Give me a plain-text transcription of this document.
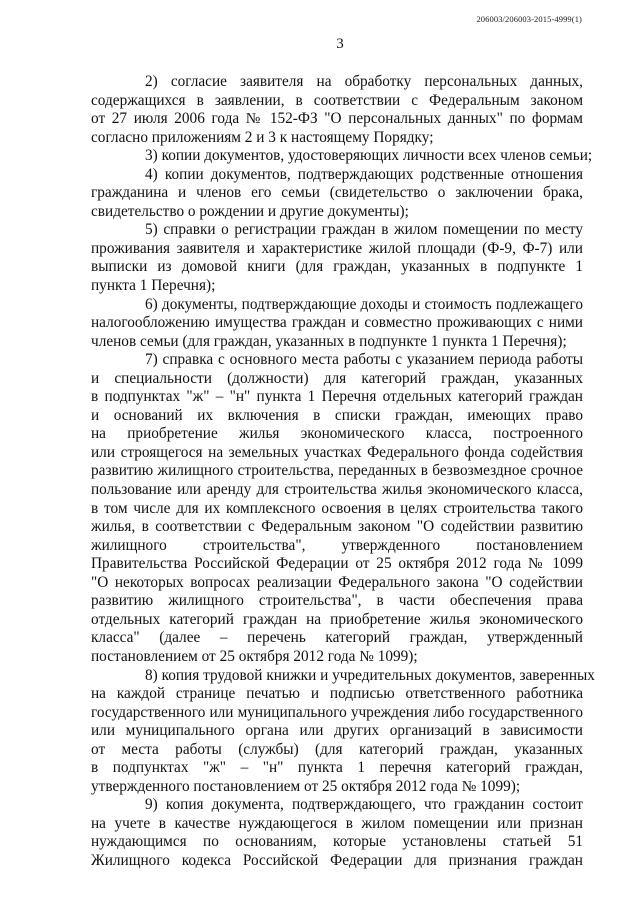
206003/206003-2015-4999(1)
3
2) согласие заявителя на обработку персональных данных,
содержащихся в заявлении, в соответствии с Федеральным законом
от 27 июля 2006 года № 152-ФЗ "О персональных данных" по формам
согласно приложениям 2 и 3 к настоящему Порядку;
3) копии документов, удостоверяющих личности всех членов семьи;
4) копии документов, подтверждающих родственные отношения
гражданина и членов его семьи (свидетельство о заключении брака,
свидетельство о рождении и другие документы);
5) справки о регистрации граждан в жилом помещении по месту
проживания заявителя и характеристике жилой площади (Ф-9, Ф-7) или
выписки из домовой книги (для граждан, указанных в подпункте 1
пункта 1 Перечня);
6) документы, подтверждающие доходы и стоимость подлежащего
налогообложению имущества граждан и совместно проживающих с ними
членов семьи (для граждан, указанных в подпункте 1 пункта 1 Перечня);
7) справка с основного места работы с указанием периода работы
и специальности (должности) для категорий граждан, указанных
в подпунктах "ж" – "н" пункта 1 Перечня отдельных категорий граждан
и оснований их включения в списки граждан, имеющих право
на приобретение жилья экономического класса, построенного
или строящегося на земельных участках Федерального фонда содействия
развитию жилищного строительства, переданных в безвозмездное срочное
пользование или аренду для строительства жилья экономического класса,
в том числе для их комплексного освоения в целях строительства такого
жилья, в соответствии с Федеральным законом "О содействии развитию
жилищного строительства", утвержденного постановлением
Правительства Российской Федерации от 25 октября 2012 года № 1099
"О некоторых вопросах реализации Федерального закона "О содействии
развитию жилищного строительства", в части обеспечения права
отдельных категорий граждан на приобретение жилья экономического
класса" (далее – перечень категорий граждан, утвержденный
постановлением от 25 октября 2012 года № 1099);
8) копия трудовой книжки и учредительных документов, заверенных
на каждой странице печатью и подписью ответственного работника
государственного или муниципального учреждения либо государственного
или муниципального органа или других организаций в зависимости
от места работы (службы) (для категорий граждан, указанных
в подпунктах "ж" – "н" пункта 1 перечня категорий граждан,
утвержденного постановлением от 25 октября 2012 года № 1099);
9) копия документа, подтверждающего, что гражданин состоит
на учете в качестве нуждающегося в жилом помещении или признан
нуждающимся по основаниям, которые установлены статьей 51
Жилищного кодекса Российской Федерации для признания граждан
